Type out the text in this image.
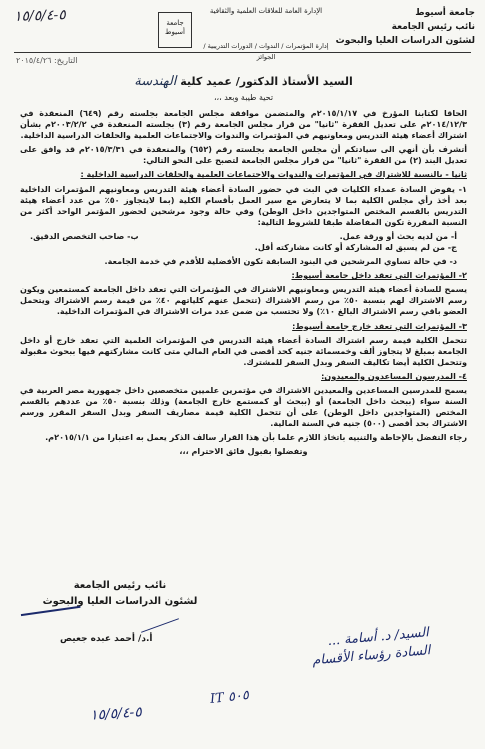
جامعة أسيوط
نائب رئيس الجامعة
لشئون الدراسات العليا والبحوث
جامعة أسيوط
الإدارة العامة للعلاقات العلمية والثقافية
إدارة المؤتمرات / الندوات / الدورات التدريبية / الجوائز
٥-١٥/٥/٤
التاريخ: ٢٠١٥/٤/٢٦
السيد الأستاذ الدكتور/ عميد كلية الهندسة
تحية طيبة وبعد ،،،

الحاقا لكتابنا المؤرخ في ٢٠١٥/١/١٧م والمتضمن موافقة مجلس الجامعة بجلسته رقم (٦٤٩) المنعقدة في ٢٠١٤/١٢/٣م على تعديل الفقرة "ثانيا" من قرار مجلس الجامعة رقم (٣) بجلسته المنعقدة في ٢٠٠٣/٢/٢م بشأن اشتراك أعضاء هيئة التدريس ومعاونيهم في المؤتمرات والندوات والاجتماعات العلمية والحلقات الدراسية الداخلية.

أتشرف بأن أنهي الى سيادتكم أن مجلس الجامعة بجلسته رقم (٦٥٢) والمنعقدة في ٢٠١٥/٣/٣١م قد وافق على تعديل البند (٢) من الفقرة "ثانيا" من قرار مجلس الجامعة لتصبح على النحو التالي:

ثانيا - بالنسبة للاشتراك في المؤتمرات والندوات والاجتماعات العلمية والحلقات الدراسية الداخلية :

١- يفوض السادة عمداء الكليات في البت في حضور السادة أعضاء هيئة التدريس ومعاونيهم المؤتمرات الداخلية بعد أخذ رأي مجلس الكلية بما لا يتعارض مع سير العمل بأقسام الكلية (بما لايتجاوز ٥٠٪ من عدد أعضاء هيئة التدريس بالقسم المختص المتواجدين داخل الوطن) وفي حالة وجود مرشحين لحضور المؤتمر الواحد أكثر من النسبة المقررة تكون المفاضلة طبقا للشروط التالية:

أ- من لديه بحث أو ورقة عمل.
ب- صاحب التخصص الدقيق.

ج- من لم يسبق له المشاركة أو كانت مشاركته أقل.

د- في حالة تساوي المرشحين في البنود السابقة تكون الأفضلية للأقدم في خدمة الجامعة.

٢- المؤتمرات التي تعقد داخل جامعة أسيوط:

يسمح للسادة أعضاء هيئة التدريس ومعاونيهم الاشتراك في المؤتمرات التي تعقد داخل الجامعة كمستمعين ويكون رسم الاشتراك لهم بنسبة ٥٠٪ من رسم الاشتراك (تتحمل عنهم كلياتهم ٤٠٪ من قيمة رسم الاشتراك ويتحمل العضو باقي رسم الاشتراك البالغ ١٠٪) ولا تحتسب من ضمن عدد مرات الاشتراك في المؤتمرات الداخلية.

٣- المؤتمرات التي تعقد خارج جامعة أسيوط:

تتحمل الكلية قيمة رسم اشتراك السادة أعضاء هيئة التدريس في المؤتمرات العلمية التي تعقد خارج أو داخل الجامعة بمبلغ لا يتجاوز ألف وخمسمائة جنيه كحد أقصى في العام المالي متى كانت مشاركتهم فيها ببحوث مقبولة وتتحمل الكلية أيضا تكاليف السفر وبدل السفر للمشترك.

٤- المدرسون المساعدون والمعيدون:

يسمح للمدرسين المساعدين والمعيدين الاشتراك في مؤتمرين علميين متخصصين داخل جمهورية مصر العربية في السنة سواء (ببحث داخل الجامعة) أو (ببحث أو كمستمع خارج الجامعة) وذلك بنسبة ٥٠٪ من عددهم بالقسم المختص (المتواجدين داخل الوطن) على أن تتحمل الكلية قيمة مصاريف السفر وبدل السفر المقرر ورسم الاشتراك بحد أقصى (٥٠٠) جنيه في السنة المالية.

رجاء التفضل بالإحاطة والتنبيه باتخاذ اللازم علما بأن هذا القرار سالف الذكر يعمل به اعتبارا من ٢٠١٥/١/١م.

وتفضلوا بقبول فائق الاحترام ،،،

نائب رئيس الجامعة
لشئون الدراسات العليا والبحوث
أ.د/ أحمد عبده جعيص	السيد/ د. أسامة ...
السادة رؤساء الأقسام
IT ٥٠٥
٥-١٥/٥/٤
